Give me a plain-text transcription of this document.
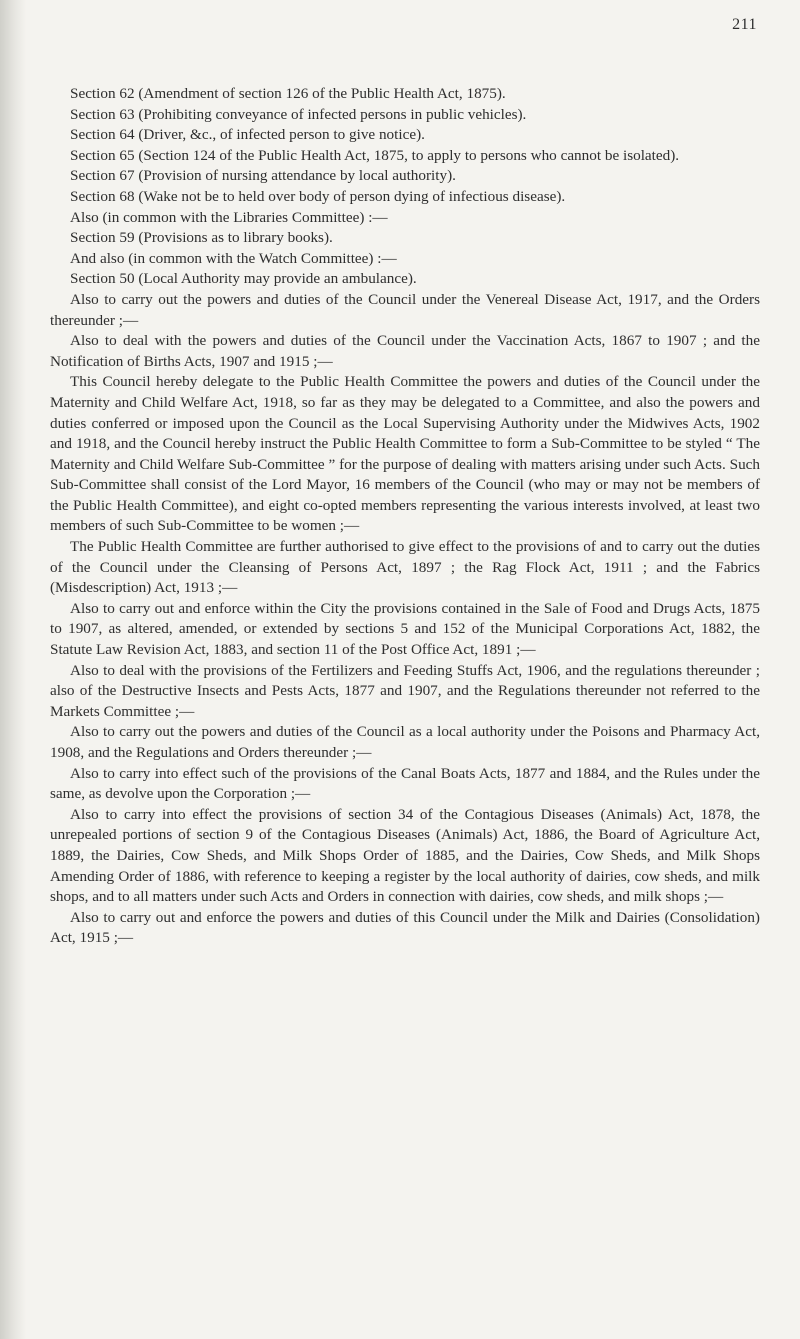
211

Section 62 (Amendment of section 126 of the Public Health Act, 1875).

Section 63 (Prohibiting conveyance of infected persons in public vehicles).

Section 64 (Driver, &c., of infected person to give notice).

Section 65 (Section 124 of the Public Health Act, 1875, to apply to persons who cannot be isolated).

Section 67 (Provision of nursing attendance by local authority).

Section 68 (Wake not be to held over body of person dying of infectious disease).

Also (in common with the Libraries Committee) :—

Section 59 (Provisions as to library books).

And also (in common with the Watch Committee) :—

Section 50 (Local Authority may provide an ambulance).

Also to carry out the powers and duties of the Council under the Venereal Disease Act, 1917, and the Orders thereunder ;—

Also to deal with the powers and duties of the Council under the Vaccination Acts, 1867 to 1907 ; and the Notification of Births Acts, 1907 and 1915 ;—

This Council hereby delegate to the Public Health Committee the powers and duties of the Council under the Maternity and Child Welfare Act, 1918, so far as they may be delegated to a Committee, and also the powers and duties conferred or imposed upon the Council as the Local Supervising Authority under the Midwives Acts, 1902 and 1918, and the Council hereby instruct the Public Health Committee to form a Sub-Committee to be styled “ The Maternity and Child Welfare Sub-Committee ” for the purpose of dealing with matters arising under such Acts. Such Sub-Committee shall consist of the Lord Mayor, 16 members of the Council (who may or may not be members of the Public Health Committee), and eight co-opted members representing the various interests involved, at least two members of such Sub-Committee to be women ;—

The Public Health Committee are further authorised to give effect to the provisions of and to carry out the duties of the Council under the Cleansing of Persons Act, 1897 ; the Rag Flock Act, 1911 ; and the Fabrics (Misdescription) Act, 1913 ;—

Also to carry out and enforce within the City the provisions contained in the Sale of Food and Drugs Acts, 1875 to 1907, as altered, amended, or extended by sections 5 and 152 of the Municipal Corporations Act, 1882, the Statute Law Revision Act, 1883, and section 11 of the Post Office Act, 1891 ;—

Also to deal with the provisions of the Fertilizers and Feeding Stuffs Act, 1906, and the regulations thereunder ; also of the Destructive Insects and Pests Acts, 1877 and 1907, and the Regulations thereunder not referred to the Markets Committee ;—

Also to carry out the powers and duties of the Council as a local authority under the Poisons and Pharmacy Act, 1908, and the Regulations and Orders thereunder ;—

Also to carry into effect such of the provisions of the Canal Boats Acts, 1877 and 1884, and the Rules under the same, as devolve upon the Corporation ;—

Also to carry into effect the provisions of section 34 of the Contagious Diseases (Animals) Act, 1878, the unrepealed portions of section 9 of the Contagious Diseases (Animals) Act, 1886, the Board of Agriculture Act, 1889, the Dairies, Cow Sheds, and Milk Shops Order of 1885, and the Dairies, Cow Sheds, and Milk Shops Amending Order of 1886, with reference to keeping a register by the local authority of dairies, cow sheds, and milk shops, and to all matters under such Acts and Orders in connection with dairies, cow sheds, and milk shops ;—

Also to carry out and enforce the powers and duties of this Council under the Milk and Dairies (Consolidation) Act, 1915 ;—
